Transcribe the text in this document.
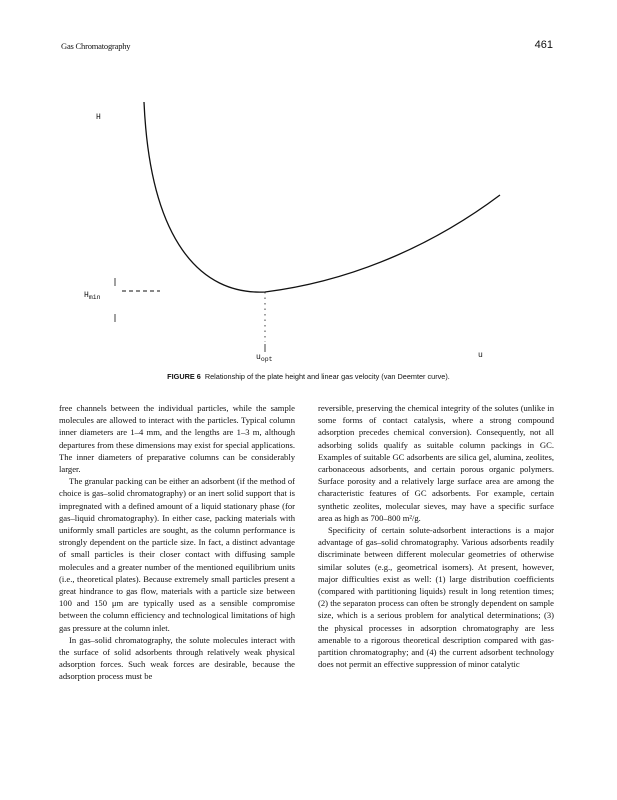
Gas Chromatography	461
H
$H_{min}$
$u_{opt}$	u
FIGURE 6 Relationship of the plate height and linear gas velocity (van Deemter curve).

free channels between the individual particles, while the sample molecules are allowed to interact with the particles. Typical column inner diameters are 1–4 mm, and the lengths are 1–3 m, although departures from these dimensions may exist for special applications. The inner diameters of preparative columns can be considerably larger.

The granular packing can be either an adsorbent (if the method of choice is gas–solid chromatography) or an inert solid support that is impregnated with a defined amount of a liquid stationary phase (for gas–liquid chromatography). In either case, packing materials with uniformly small particles are sought, as the column performance is strongly dependent on the particle size. In fact, a distinct advantage of small particles is their closer contact with diffusing sample molecules and a greater number of the mentioned equilibrium units (i.e., theoretical plates). Because extremely small particles present a great hindrance to gas flow, materials with a particle size between 100 and 150 μm are typically used as a sensible compromise between the column efficiency and technological limitations of high gas pressure at the column inlet.

In gas–solid chromatography, the solute molecules interact with the surface of solid adsorbents through relatively weak physical adsorption forces. Such weak forces are desirable, because the adsorption process must be

reversible, preserving the chemical integrity of the solutes (unlike in some forms of contact catalysis, where a strong compound adsorption precedes chemical conversion). Consequently, not all adsorbing solids qualify as suitable column packings in GC. Examples of suitable GC adsorbents are silica gel, alumina, zeolites, carbonaceous adsorbents, and certain porous organic polymers. Surface porosity and a relatively large surface area are among the characteristic features of GC adsorbents. For example, certain synthetic zeolites, molecular sieves, may have a specific surface area as high as 700–800 m²/g.

Specificity of certain solute-adsorbent interactions is a major advantage of gas–solid chromatography. Various adsorbents readily discriminate between different molecular geometries of otherwise similar solutes (e.g., geometrical isomers). At present, however, major difficulties exist as well: (1) large distribution coefficients (compared with partitioning liquids) result in long retention times; (2) the separaton process can often be strongly dependent on sample size, which is a serious problem for analytical determinations; (3) the physical processes in adsorption chromatography are less amenable to a rigorous theoretical description compared with gas-partition chromatography; and (4) the current adsorbent technology does not permit an effective suppression of minor catalytic
